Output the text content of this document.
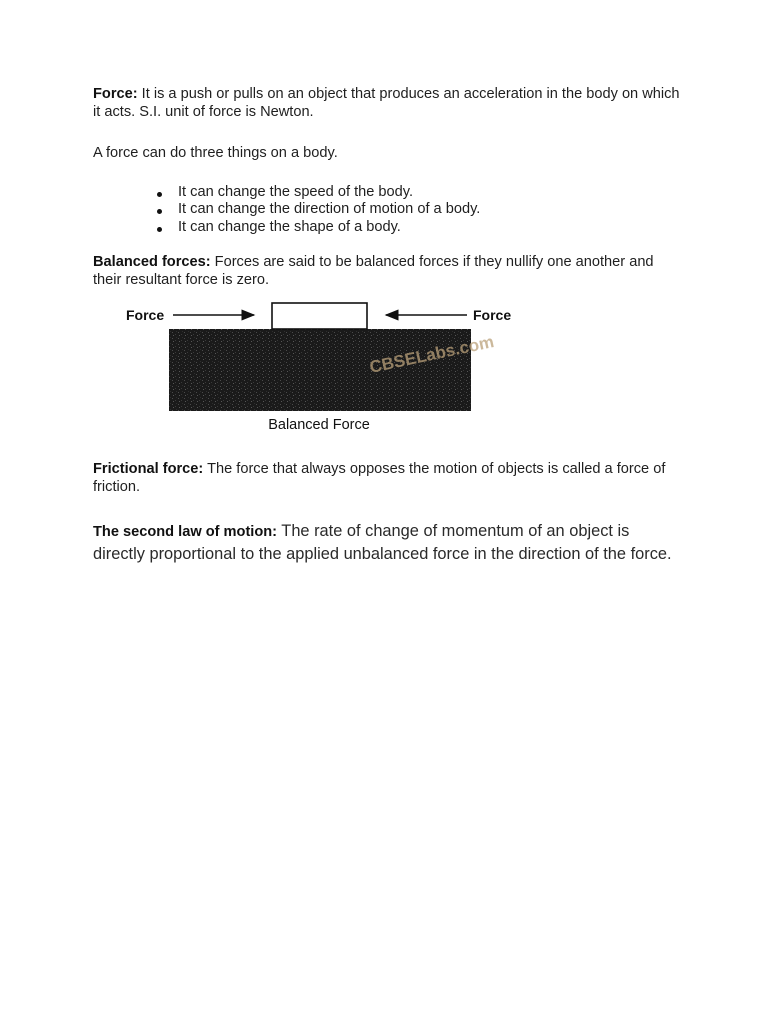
Force: It is a push or pulls on an object that produces an acceleration in the body on which it acts. S.I. unit of force is Newton.

A force can do three things on a body.

It can change the speed of the body.
It can change the direction of motion of a body.
It can change the shape of a body.

Balanced forces: Forces are said to be balanced forces if they nullify one another and their resultant force is zero.

Force	Force
CBSELabs.com
Balanced Force

Frictional force: The force that always opposes the motion of objects is called a force of friction.

The second law of motion: The rate of change of momentum of an object is directly proportional to the applied unbalanced force in the direction of the force.
